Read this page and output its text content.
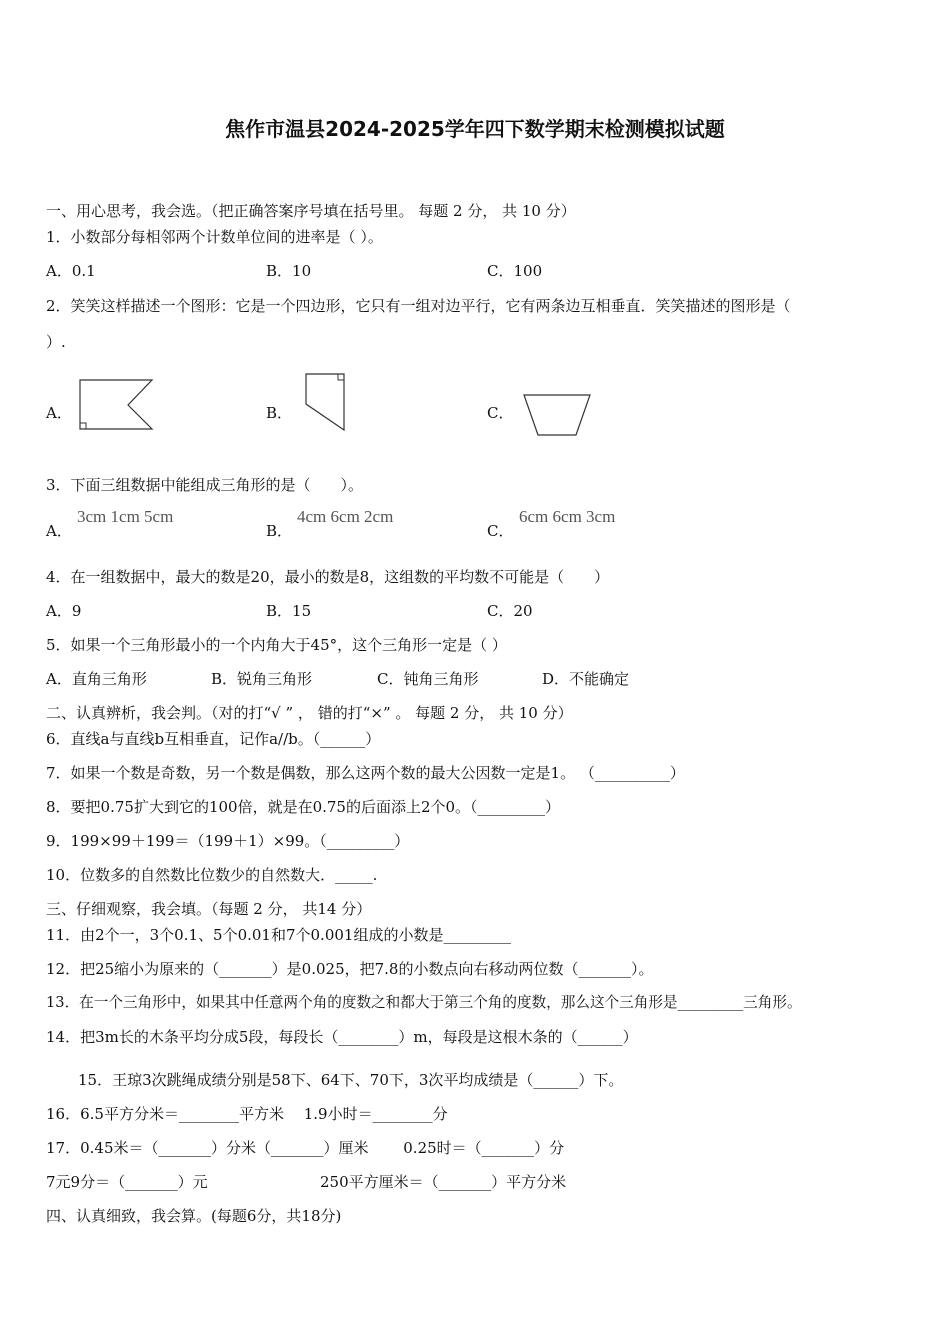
焦作市温县2024-2025学年四下数学期末检测模拟试题
一、用心思考，我会选。（把正确答案序号填在括号里。 每题 2 分， 共 10 分）
1．小数部分每相邻两个计数单位间的进率是（ ）。
A．0.1	B．10	C．100
2．笑笑这样描述一个图形：它是一个四边形，它只有一组对边平行，它有两条边互相垂直．笑笑描述的图形是（
）.
A．	B．	C．
3．下面三组数据中能组成三角形的是（　　）。
A．
3cm 1cm 5cm
B．
4cm 6cm 2cm
C．
6cm 6cm 3cm
4．在一组数据中，最大的数是20，最小的数是8，这组数的平均数不可能是（　　）
A．9	B．15	C．20
5．如果一个三角形最小的一个内角大于45°，这个三角形一定是（ ）
A．直角三角形	B．锐角三角形	C．钝角三角形	D．不能确定
二、认真辨析，我会判。（对的打“√ ” ， 错的打“×” 。 每题 2 分， 共 10 分）
6．直线a与直线b互相垂直，记作a//b。（______）
7．如果一个数是奇数，另一个数是偶数，那么这两个数的最大公因数一定是1。 （__________）
8．要把0.75扩大到它的100倍，就是在0.75的后面添上2个0。（_________）
9．199×99＋199＝（199＋1）×99。（_________）
10．位数多的自然数比位数少的自然数大．_____.
三、仔细观察，我会填。（每题 2 分， 共14 分）
11．由2个一，3个0.1、5个0.01和7个0.001组成的小数是_________
12．把25缩小为原来的（_______）是0.025，把7.8的小数点向右移动两位数（_______）。
13．在一个三角形中，如果其中任意两个角的度数之和都大于第三个角的度数，那么这个三角形是_________三角形。
14．把3m长的木条平均分成5段，每段长（________）m，每段是这根木条的（______）
15．王琼3次跳绳成绩分别是58下、64下、70下，3次平均成绩是（______）下。
16．6.5平方分米＝________平方米　 1.9小时＝________分
17．0.45米＝（_______）分米（_______）厘米　　 0.25时＝（_______）分
7元9分＝（_______）元	250平方厘米＝（_______）平方分米
四、认真细致，我会算。(每题6分，共18分)
